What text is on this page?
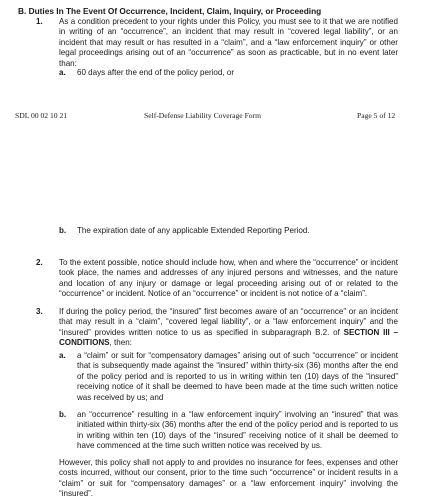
B. Duties In The Event Of Occurrence, Incident, Claim, Inquiry, or Proceeding
1. As a condition precedent to your rights under this Policy, you must see to it that we are notified in writing of an “occurrence”, an incident that may result in “covered legal liability”, or an incident that may result or has resulted in a “claim”, and a “law enforcement inquiry” or other legal proceedings arising out of an “occurrence” as soon as practicable, but in no event later than:
a. 60 days after the end of the policy period, or
SDL 00 02 10 21	Self-Defense Liability Coverage Form	Page 5 of 12
b. The expiration date of any applicable Extended Reporting Period.
2. To the extent possible, notice should include how, when and where the “occurrence” or incident took place, the names and addresses of any injured persons and witnesses, and the nature and location of any injury or damage or legal proceeding arising out of or related to the “occurrence” or incident. Notice of an “occurrence” or incident is not notice of a “claim”.
3. If during the policy period, the “insured” first becomes aware of an “occurrence” or an incident that may result in a “claim”, “covered legal liability”, or a “law enforcement inquiry” and the “insured” provides written notice to us as specified in subparagraph B.2. of SECTION III – CONDITIONS, then:
a. a “claim” or suit for “compensatory damages” arising out of such “occurrence” or incident that is subsequently made against the “insured” within thirty-six (36) months after the end of the policy period and is reported to us in writing within ten (10) days of the “insured” receiving notice of it shall be deemed to have been made at the time such written notice was received by us; and
b. an “occurrence” resulting in a “law enforcement inquiry” involving an “insured” that was initiated within thirty-six (36) months after the end of the policy period and is reported to us in writing within ten (10) days of the “insured” receiving notice of it shall be deemed to have commenced at the time such written notice was received by us.
However, this policy shall not apply to and provides no insurance for fees, expenses and other costs incurred, without our consent, prior to the time such “occurrence” or incident results in a “claim” or suit for “compensatory damages” or a “law enforcement inquiry” involving the “insured”.
